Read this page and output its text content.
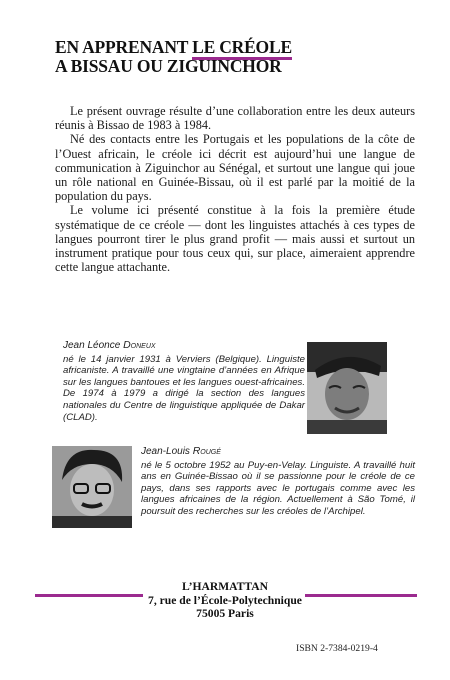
EN APPRENANT LE CRÉOLE
A BISSAU OU ZIGUINCHOR

Le présent ouvrage résulte d’une collaboration entre les deux auteurs réunis à Bissao de 1983 à 1984.

Né des contacts entre les Portugais et les populations de la côte de l’Ouest africain, le créole ici décrit est aujourd’hui une langue de communication à Ziguinchor au Sénégal, et surtout une langue qui joue un rôle national en Guinée-Bissau, où il est parlé par la moitié de la population du pays.

Le volume ici présenté constitue à la fois la première étude systématique de ce créole — dont les linguistes attachés à ces types de langues pourront tirer le plus grand profit — mais aussi et surtout un instrument pratique pour tous ceux qui, sur place, aimeraient apprendre cette langue attachante.

Jean Léonce Doneux
né le 14 janvier 1931 à Verviers (Belgique). Linguiste africaniste. A travaillé une vingtaine d’années en Afrique sur les langues bantoues et les langues ouest-africaines. De 1974 à 1979 a dirigé la section des langues nationales du Centre de linguistique appliquée de Dakar (CLAD).
Jean-Louis Rougé
né le 5 octobre 1952 au Puy-en-Velay. Linguiste. A travaillé huit ans en Guinée-Bissao où il se passionne pour le créole de ce pays, dans ses rapports avec le portugais comme avec les langues africaines de la région. Actuellement à São Tomé, il poursuit des recherches sur les créoles de l’Archipel.
L’HARMATTAN
7, rue de l’École-Polytechnique
75005 Paris
ISBN 2-7384-0219-4
